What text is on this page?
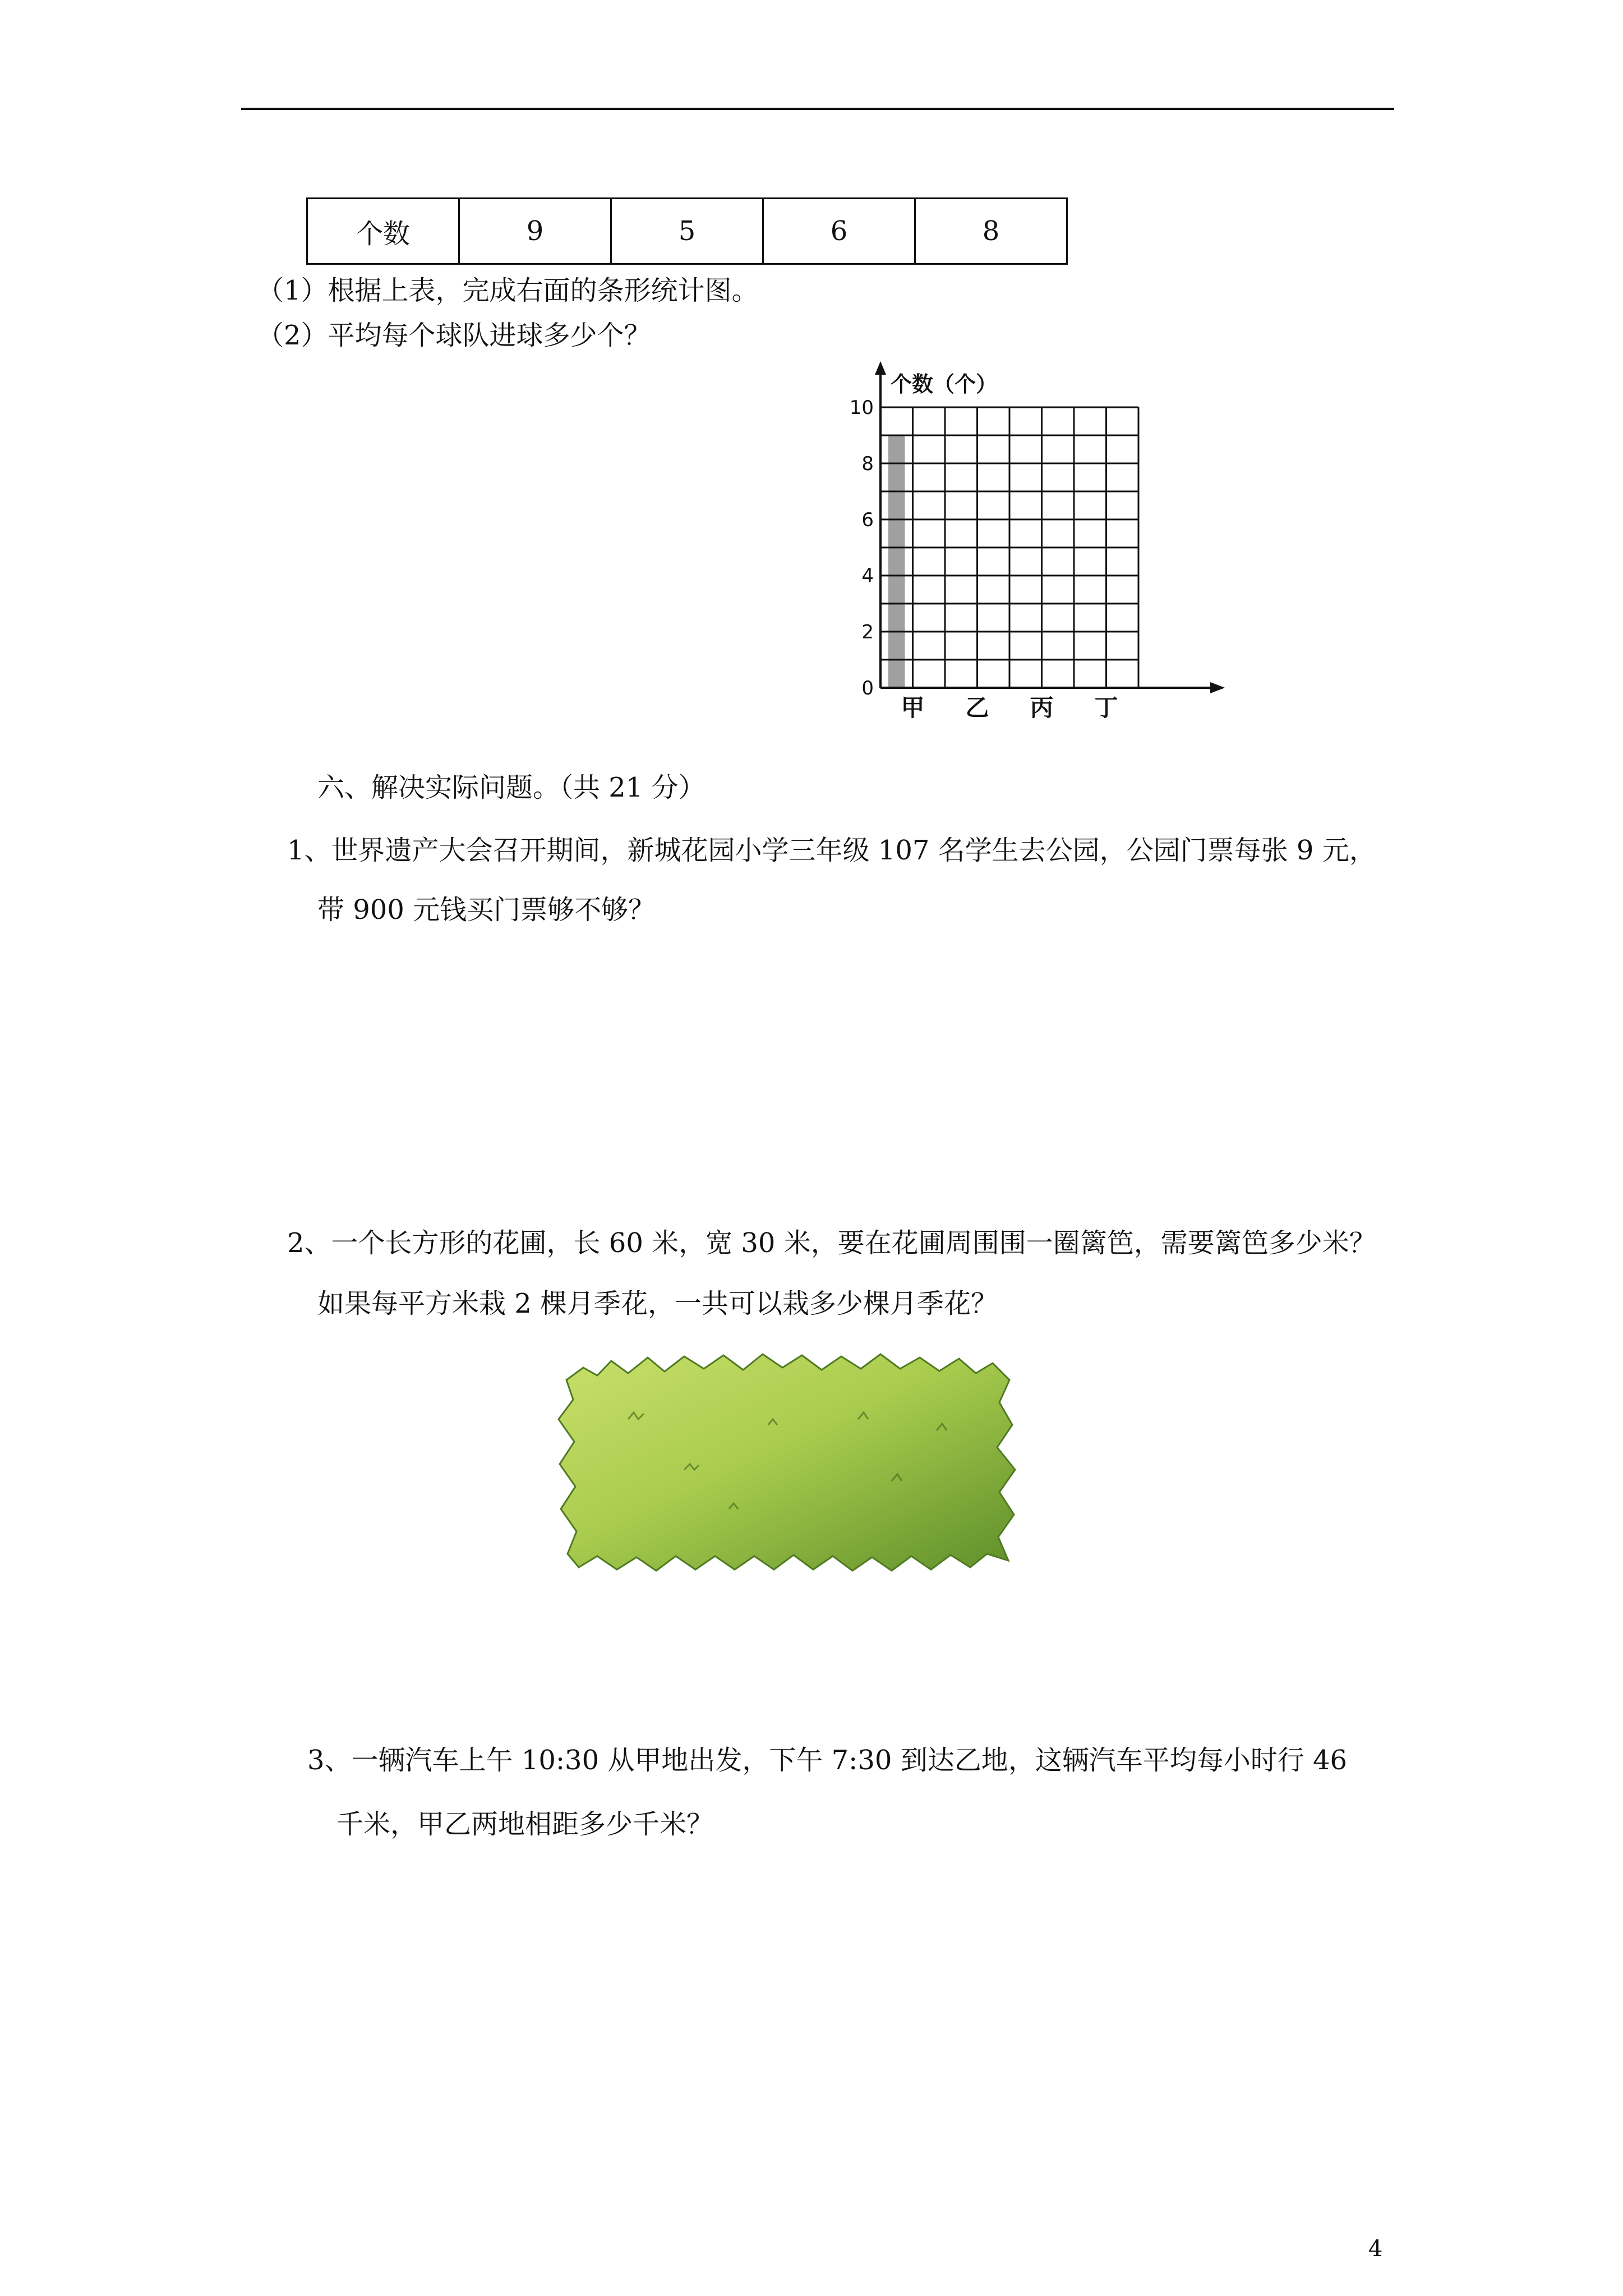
个数	9	5	6	8
（1）根据上表，完成右面的条形统计图。
（2）平均每个球队进球多少个？
个数（个）
0
2
4
6
8
10
甲 乙 丙 丁
六、解决实际问题。（共 21 分）
1、世界遗产大会召开期间，新城花园小学三年级 107 名学生去公园，公园门票每张 9 元，
带 900 元钱买门票够不够？
2、一个长方形的花圃，长 60 米，宽 30 米，要在花圃周围围一圈篱笆，需要篱笆多少米？
如果每平方米栽 2 棵月季花，一共可以栽多少棵月季花？
3、一辆汽车上午 10:30 从甲地出发，下午 7:30 到达乙地，这辆汽车平均每小时行 46
千米，甲乙两地相距多少千米？
4
